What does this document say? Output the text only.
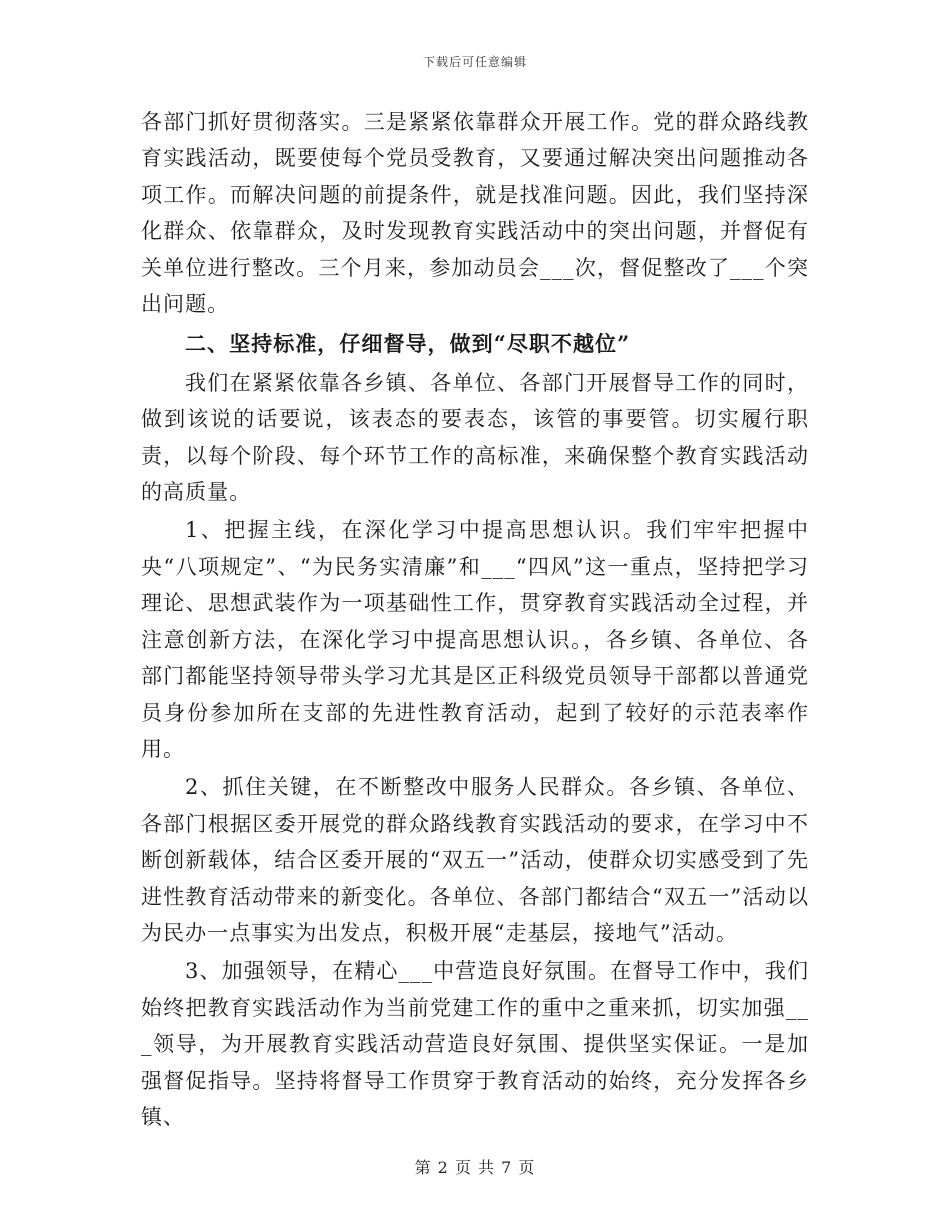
下载后可任意编辑

各部门抓好贯彻落实。三是紧紧依靠群众开展工作。党的群众路线教育实践活动，既要使每个党员受教育，又要通过解决突出问题推动各项工作。而解决问题的前提条件，就是找准问题。因此，我们坚持深化群众、依靠群众，及时发现教育实践活动中的突出问题，并督促有关单位进行整改。三个月来，参加动员会___次，督促整改了___个突出问题。

二、坚持标准，仔细督导，做到“尽职不越位”

我们在紧紧依靠各乡镇、各单位、各部门开展督导工作的同时，做到该说的话要说，该表态的要表态，该管的事要管。切实履行职责，以每个阶段、每个环节工作的高标准，来确保整个教育实践活动的高质量。

1、把握主线，在深化学习中提高思想认识。我们牢牢把握中央“八项规定”、“为民务实清廉”和___“四风”这一重点，坚持把学习理论、思想武装作为一项基础性工作，贯穿教育实践活动全过程，并注意创新方法，在深化学习中提高思想认识。，各乡镇、各单位、各部门都能坚持领导带头学习尤其是区正科级党员领导干部都以普通党员身份参加所在支部的先进性教育活动，起到了较好的示范表率作用。

2、抓住关键，在不断整改中服务人民群众。各乡镇、各单位、各部门根据区委开展党的群众路线教育实践活动的要求，在学习中不断创新载体，结合区委开展的“双五一”活动，使群众切实感受到了先进性教育活动带来的新变化。各单位、各部门都结合“双五一”活动以为民办一点事实为出发点，积极开展“走基层，接地气”活动。

3、加强领导，在精心___中营造良好氛围。在督导工作中，我们始终把教育实践活动作为当前党建工作的重中之重来抓，切实加强___领导，为开展教育实践活动营造良好氛围、提供坚实保证。一是加强督促指导。坚持将督导工作贯穿于教育活动的始终，充分发挥各乡镇、

第 2 页 共 7 页
